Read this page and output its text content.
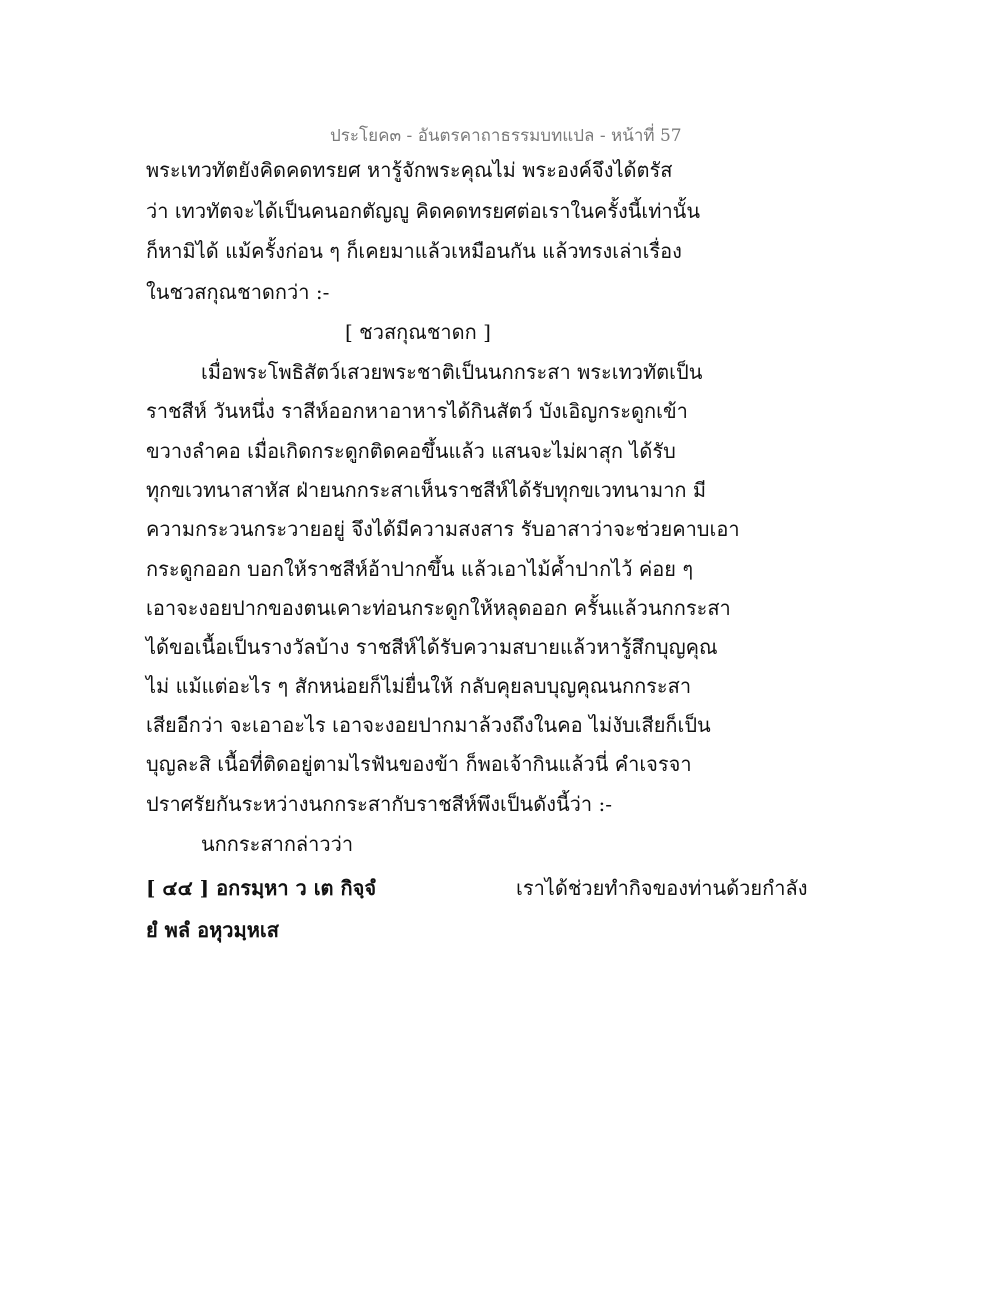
ประโยค๓ - อันตรคาถาธรรมบทแปล - หน้าที่ 57
พระเทวทัตยังคิดคดทรยศ หารู้จักพระคุณไม่ พระองค์จึงได้ตรัส
ว่า เทวทัตจะได้เป็นคนอกตัญญู คิดคดทรยศต่อเราในครั้งนี้เท่านั้น
ก็หามิได้ แม้ครั้งก่อน ๆ ก็เคยมาแล้วเหมือนกัน แล้วทรงเล่าเรื่อง
ในชวสกุณชาดกว่า :-
[ ชวสกุณชาดก ]
เมื่อพระโพธิสัตว์เสวยพระชาติเป็นนกกระสา พระเทวทัตเป็น
ราชสีห์ วันหนึ่ง ราสีห์ออกหาอาหารได้กินสัตว์ บังเอิญกระดูกเข้า
ขวางลำคอ เมื่อเกิดกระดูกติดคอขึ้นแล้ว แสนจะไม่ผาสุก ได้รับ
ทุกขเวทนาสาหัส ฝ่ายนกกระสาเห็นราชสีห์ได้รับทุกขเวทนามาก มี
ความกระวนกระวายอยู่ จึงได้มีความสงสาร รับอาสาว่าจะช่วยคาบเอา
กระดูกออก บอกให้ราชสีห์อ้าปากขึ้น แล้วเอาไม้ค้ำปากไว้ ค่อย ๆ
เอาจะงอยปากของตนเคาะท่อนกระดูกให้หลุดออก ครั้นแล้วนกกระสา
ได้ขอเนื้อเป็นรางวัลบ้าง ราชสีห์ได้รับความสบายแล้วหารู้สึกบุญคุณ
ไม่ แม้แต่อะไร ๆ สักหน่อยก็ไม่ยื่นให้ กลับคุยลบบุญคุณนกกระสา
เสียอีกว่า จะเอาอะไร เอาจะงอยปากมาล้วงถึงในคอ ไม่งับเสียก็เป็น
บุญละสิ เนื้อที่ติดอยู่ตามไรฟันของข้า ก็พอเจ้ากินแล้วนี่ คำเจรจา
ปราศรัยกันระหว่างนกกระสากับราชสีห์พึงเป็นดังนี้ว่า :-
นกกระสากล่าวว่า
[ ๔๔ ] อกรมฺหา ว เต กิจฺจํ	เราได้ช่วยทำกิจของท่านด้วยกำลัง
ยํ พลํ อหุวมฺหเส
